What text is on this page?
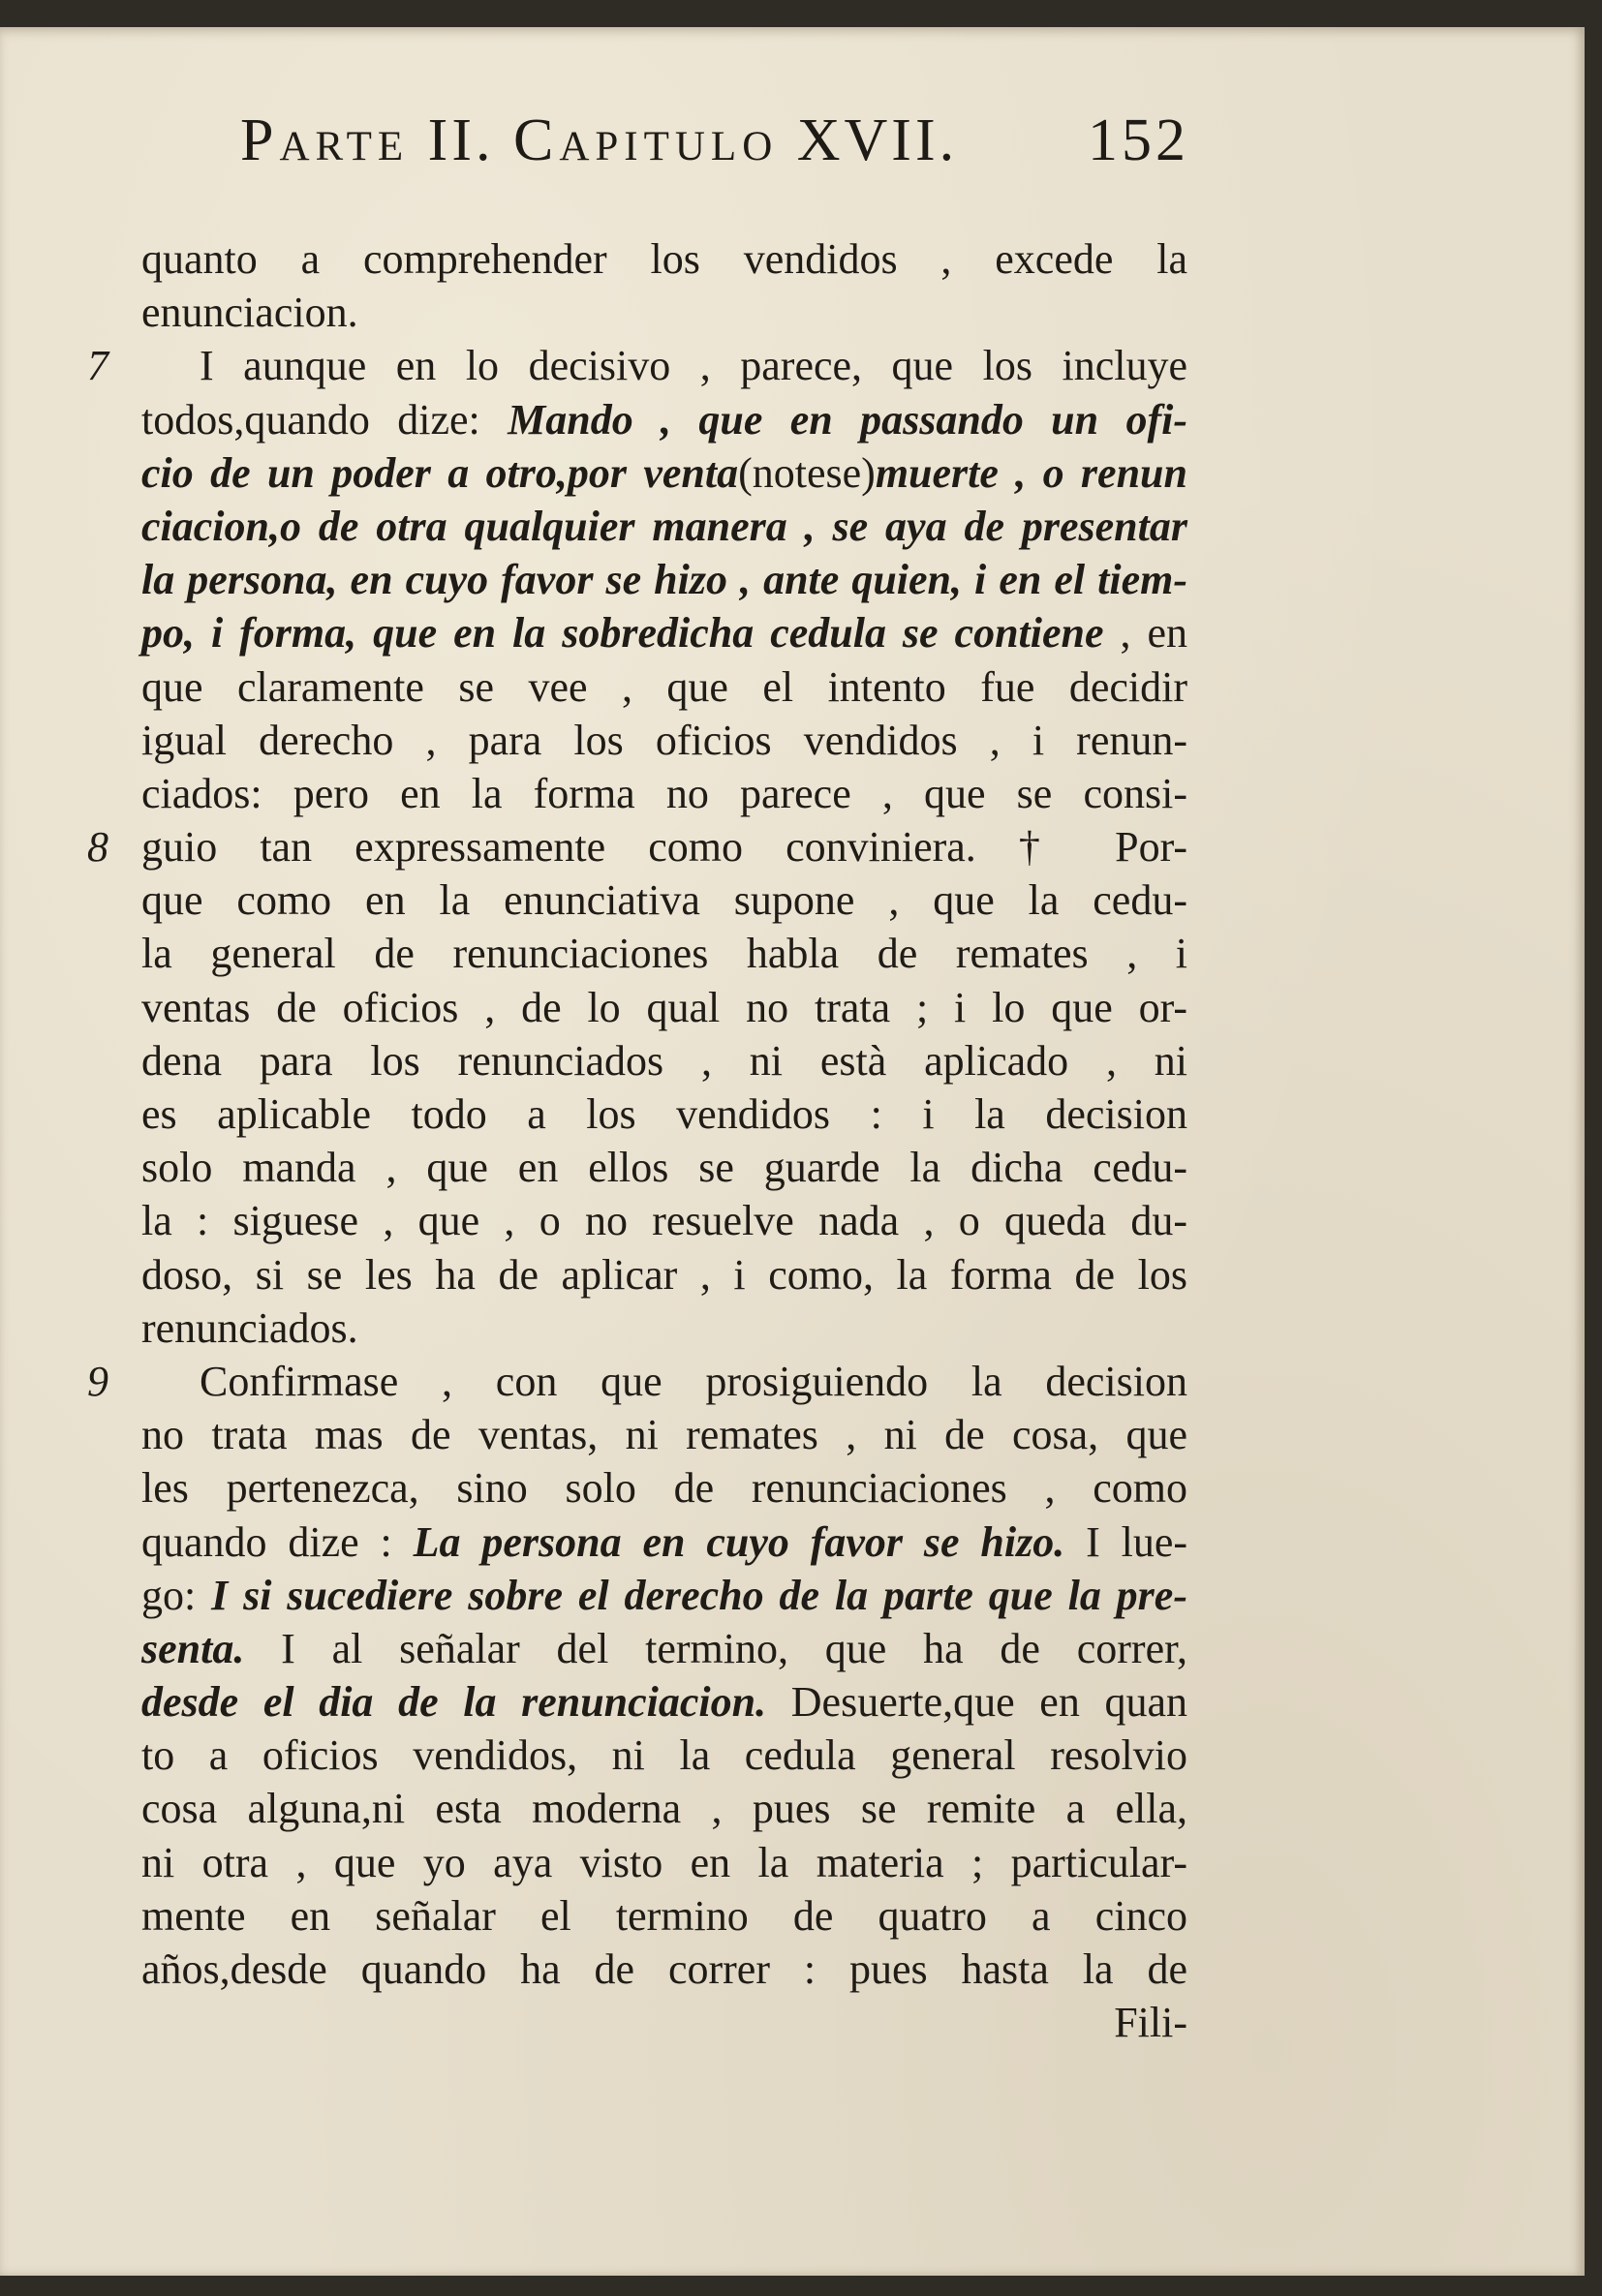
Parte II. Capitulo XVII. 152
quanto a comprehender los vendidos , excede la
enunciacion.
7 I aunque en lo decisivo , parece, que los incluye
todos,quando dize: Mando , que en passando un ofi-
cio de un poder a otro,por venta(notese)muerte , o renun
ciacion,o de otra qualquier manera , se aya de presentar
la persona, en cuyo favor se hizo , ante quien, i en el tiem-
po, i forma, que en la sobredicha cedula se contiene , en
que claramente se vee , que el intento fue decidir
igual derecho , para los oficios vendidos , i renun-
ciados: pero en la forma no parece , que se consi-
8 guio tan expressamente como conviniera. † Por-
que como en la enunciativa supone , que la cedu-
la general de renunciaciones habla de remates , i
ventas de oficios , de lo qual no trata ; i lo que or-
dena para los renunciados , ni està aplicado , ni
es aplicable todo a los vendidos : i la decision
solo manda , que en ellos se guarde la dicha cedu-
la : siguese , que , o no resuelve nada , o queda du-
doso, si se les ha de aplicar , i como, la forma de los
renunciados.
9 Confirmase , con que prosiguiendo la decision
no trata mas de ventas, ni remates , ni de cosa, que
les pertenezca, sino solo de renunciaciones , como
quando dize : La persona en cuyo favor se hizo. I lue-
go: I si sucediere sobre el derecho de la parte que la pre-
senta. I al señalar del termino, que ha de correr,
desde el dia de la renunciacion. Desuerte,que en quan
to a oficios vendidos, ni la cedula general resolvio
cosa alguna,ni esta moderna , pues se remite a ella,
ni otra , que yo aya visto en la materia ; particular-
mente en señalar el termino de quatro a cinco
años,desde quando ha de correr : pues hasta la de
Fili-
